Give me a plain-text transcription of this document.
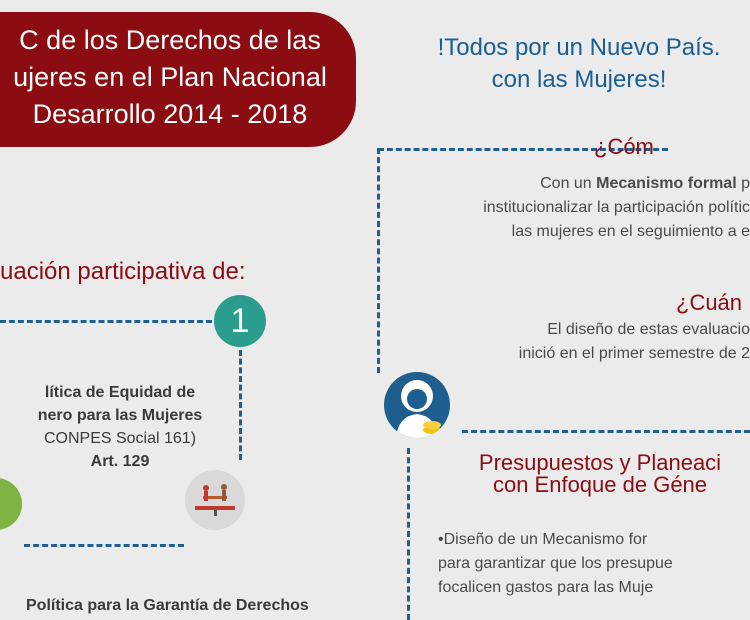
C de los Derechos de las
ujeres en el Plan Nacional
Desarrollo 2014 - 2018
!Todos por un Nuevo País.
con las Mujeres!
uación participativa de:
1
lítica de Equidad de
nero para las Mujeres
CONPES Social 161)
Art. 129
Política para la Garantía de Derechos
¿Cóm
Con un Mecanismo formal p
institucionalizar la participación polític
las mujeres en el seguimiento a e
¿Cuán
El diseño de estas evaluacio
inició en el primer semestre de 2
Presupuestos y Planeaci
con Enfoque de Géne
•Diseño de un Mecanismo for
para garantizar que los presupue
focalicen gastos para las Muje
